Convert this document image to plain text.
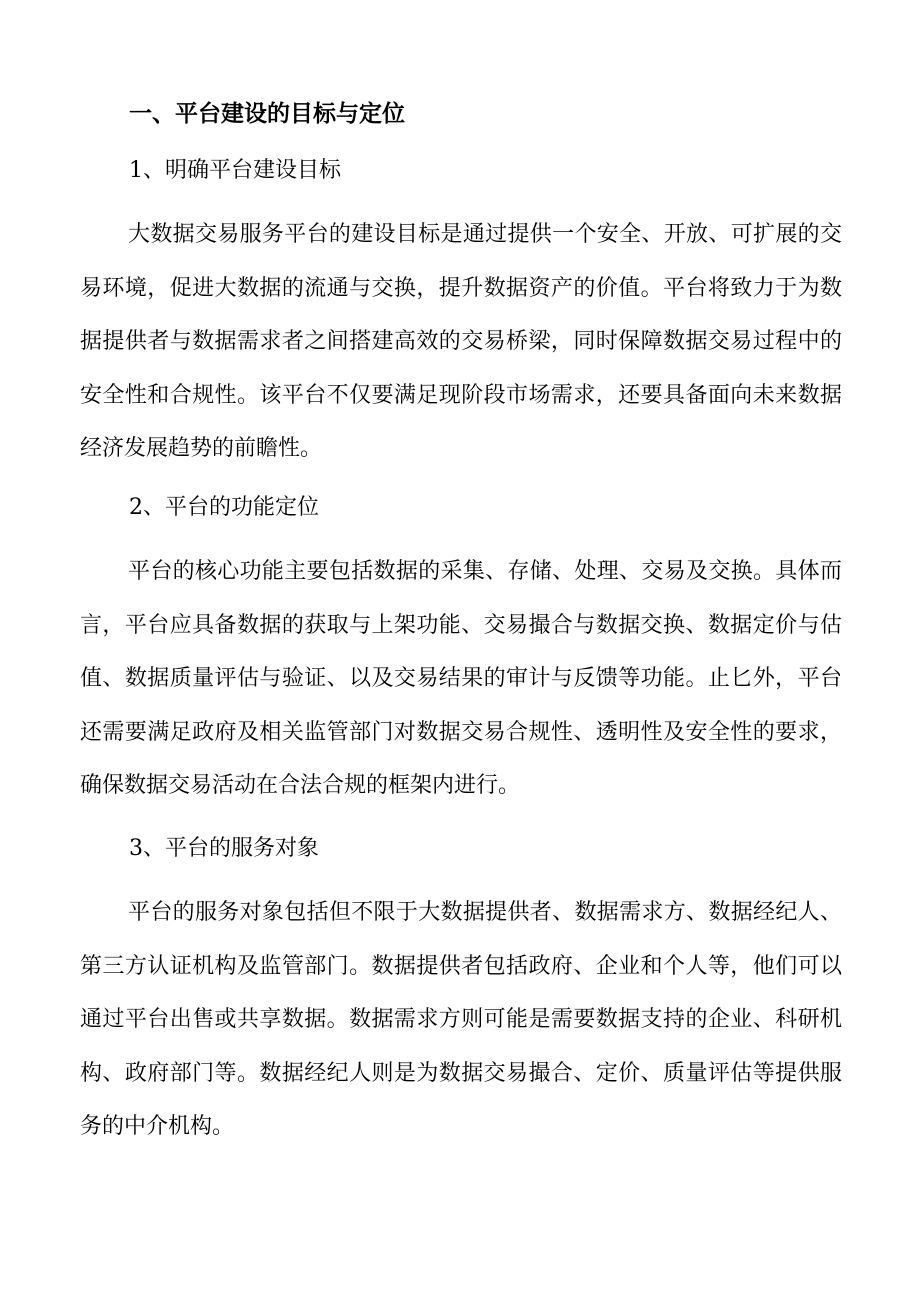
一、平台建设的目标与定位
1、明确平台建设目标

大数据交易服务平台的建设目标是通过提供一个安全、开放、可扩展的交易环境，促进大数据的流通与交换，提升数据资产的价值。平台将致力于为数据提供者与数据需求者之间搭建高效的交易桥梁，同时保障数据交易过程中的安全性和合规性。该平台不仅要满足现阶段市场需求，还要具备面向未来数据经济发展趋势的前瞻性。

2、平台的功能定位

平台的核心功能主要包括数据的采集、存储、处理、交易及交换。具体而言，平台应具备数据的获取与上架功能、交易撮合与数据交换、数据定价与估值、数据质量评估与验证、以及交易结果的审计与反馈等功能。止匕外，平台还需要满足政府及相关监管部门对数据交易合规性、透明性及安全性的要求，确保数据交易活动在合法合规的框架内进行。

3、平台的服务对象

平台的服务对象包括但不限于大数据提供者、数据需求方、数据经纪人、第三方认证机构及监管部门。数据提供者包括政府、企业和个人等，他们可以通过平台出售或共享数据。数据需求方则可能是需要数据支持的企业、科研机构、政府部门等。数据经纪人则是为数据交易撮合、定价、质量评估等提供服务的中介机构。
